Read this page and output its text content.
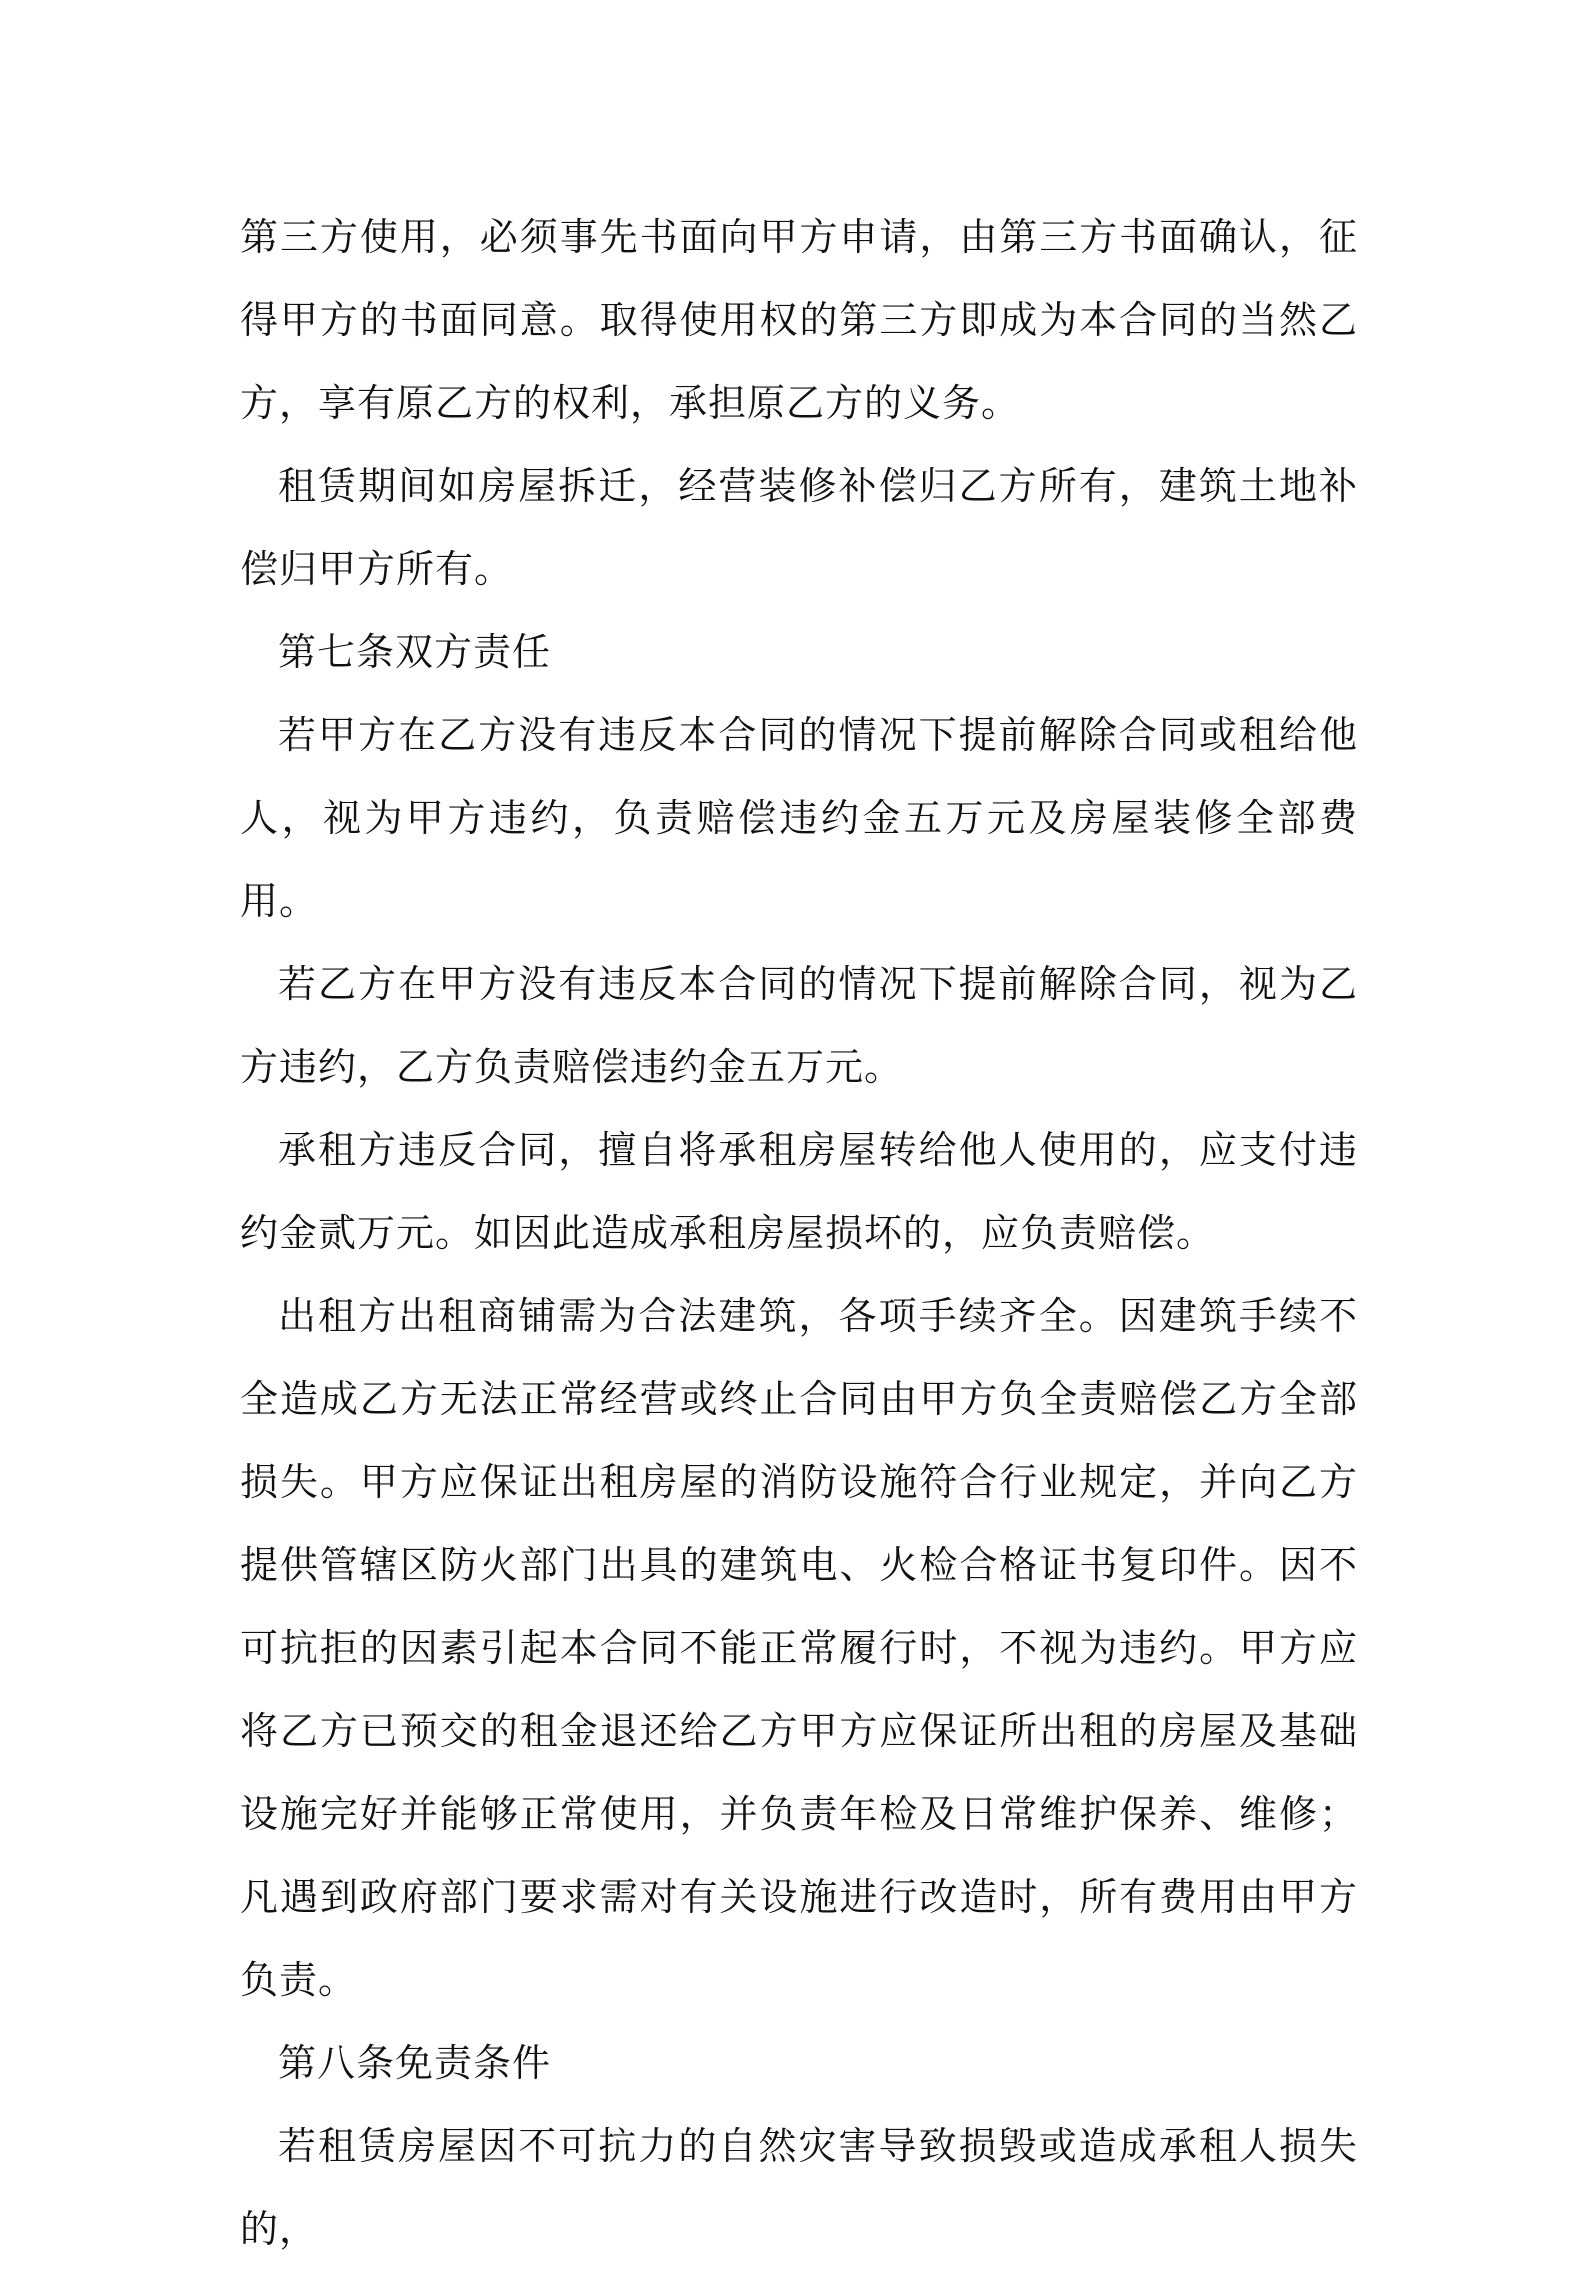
第三方使用，必须事先书面向甲方申请，由第三方书面确认，征得甲方的书面同意。取得使用权的第三方即成为本合同的当然乙方，享有原乙方的权利，承担原乙方的义务。

租赁期间如房屋拆迁，经营装修补偿归乙方所有，建筑土地补偿归甲方所有。

第七条双方责任

若甲方在乙方没有违反本合同的情况下提前解除合同或租给他人，视为甲方违约，负责赔偿违约金五万元及房屋装修全部费用。

若乙方在甲方没有违反本合同的情况下提前解除合同，视为乙方违约，乙方负责赔偿违约金五万元。

承租方违反合同，擅自将承租房屋转给他人使用的，应支付违约金贰万元。如因此造成承租房屋损坏的，应负责赔偿。

出租方出租商铺需为合法建筑，各项手续齐全。因建筑手续不全造成乙方无法正常经营或终止合同由甲方负全责赔偿乙方全部损失。甲方应保证出租房屋的消防设施符合行业规定，并向乙方提供管辖区防火部门出具的建筑电、火检合格证书复印件。因不可抗拒的因素引起本合同不能正常履行时，不视为违约。甲方应将乙方已预交的租金退还给乙方甲方应保证所出租的房屋及基础设施完好并能够正常使用，并负责年检及日常维护保养、维修；凡遇到政府部门要求需对有关设施进行改造时，所有费用由甲方负责。

第八条免责条件

若租赁房屋因不可抗力的自然灾害导致损毁或造成承租人损失的，
